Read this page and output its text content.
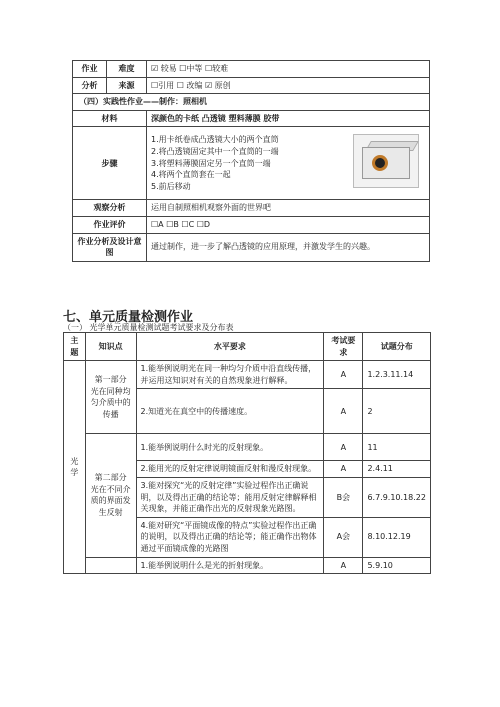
作业	难度	☑ 较易 ☐中等 ☐较难
分析	来源	☐引用 ☐ 改编 ☑ 原创
（四）实践性作业——制作：照相机		
材料		深颜色的卡纸 凸透镜 塑料薄膜 胶带
步骤		1.用卡纸卷成凸透镜大小的两个直筒
2.将凸透镜固定其中一个直筒的一端
3.将塑料薄膜固定另一个直筒一端
4.将两个直筒套在一起
5.前后移动

观察分析		运用自制照相机观察外面的世界吧
作业评价		☐A ☐B ☐C ☐D
作业分析及设计意图		通过制作，进一步了解凸透镜的应用原理，并激发学生的兴趣。
七、单元质量检测作业

（一） 光学单元质量检测试题考试要求及分布表

主题	知识点	水平要求	考试要求	试题分布
光学	第一部分 光在同种均匀介质中的传播	1.能举例说明光在同一种均匀介质中沿直线传播，并运用这知识对有关的自然现象进行解释。	A	1.2.3.11.14
		2.知道光在真空中的传播速度。	A	2
	第二部分 光在不同介质的界面发生反射	1.能举例说明什么时光的反射现象。	A	11
		2.能用光的反射定律说明镜面反射和漫反射现象。	A	2.4.11
		3.能对探究“光的反射定律”实验过程作出正确说明，以及得出正确的结论等；能用反射定律解释相关现象，并能正确作出光的反射现象光路图。	B会	6.7.9.10.18.22
		4.能对研究“平面镜成像的特点”实验过程作出正确的说明，以及得出正确的结论等；能正确作出物体通过平面镜成像的光路图	A会	8.10.12.19
		1.能举例说明什么是光的折射现象。	A	5.9.10
